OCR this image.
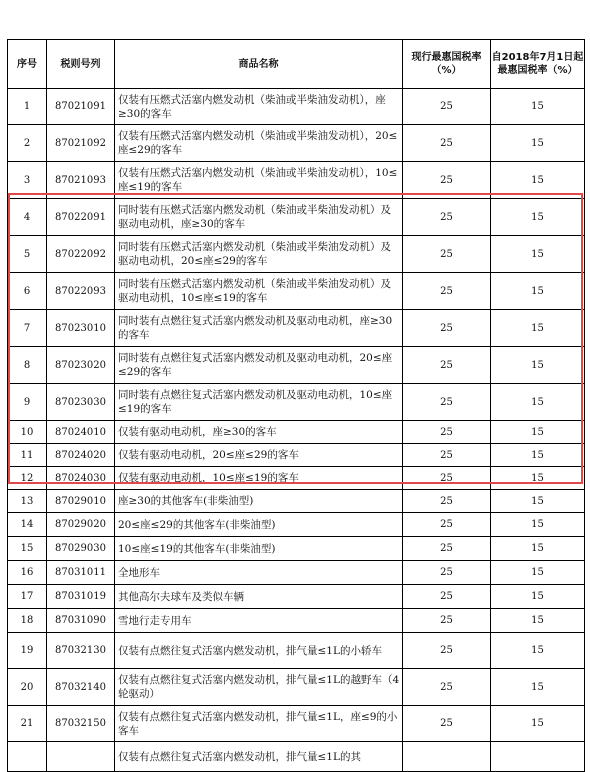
序号	税则号列	商品名称	现行最惠国税率（%）	自2018年7月1日起最惠国税率（%）
1	87021091	仅装有压燃式活塞内燃发动机（柴油或半柴油发动机），座≥30的客车	25	15
2	87021092	仅装有压燃式活塞内燃发动机（柴油或半柴油发动机），20≤座≤29的客车	25	15
3	87021093	仅装有压燃式活塞内燃发动机（柴油或半柴油发动机），10≤座≤19的客车	25	15
4	87022091	同时装有压燃式活塞内燃发动机（柴油或半柴油发动机）及驱动电动机，座≥30的客车	25	15
5	87022092	同时装有压燃式活塞内燃发动机（柴油或半柴油发动机）及驱动电动机，20≤座≤29的客车	25	15
6	87022093	同时装有压燃式活塞内燃发动机（柴油或半柴油发动机）及驱动电动机，10≤座≤19的客车	25	15
7	87023010	同时装有点燃往复式活塞内燃发动机及驱动电动机，座≥30的客车	25	15
8	87023020	同时装有点燃往复式活塞内燃发动机及驱动电动机，20≤座≤29的客车	25	15
9	87023030	同时装有点燃往复式活塞内燃发动机及驱动电动机，10≤座≤19的客车	25	15
10	87024010	仅装有驱动电动机，座≥30的客车	25	15
11	87024020	仅装有驱动电动机，20≤座≤29的客车	25	15
12	87024030	仅装有驱动电动机，10≤座≤19的客车	25	15
13	87029010	座≥30的其他客车(非柴油型)	25	15
14	87029020	20≤座≤29的其他客车(非柴油型)	25	15
15	87029030	10≤座≤19的其他客车(非柴油型)	25	15
16	87031011	全地形车	25	15
17	87031019	其他高尔夫球车及类似车辆	25	15
18	87031090	雪地行走专用车	25	15
19	87032130	仅装有点燃往复式活塞内燃发动机，排气量≤1L的小轿车	25	15
20	87032140	仅装有点燃往复式活塞内燃发动机，排气量≤1L的越野车（4轮驱动）	25	15
21	87032150	仅装有点燃往复式活塞内燃发动机，排气量≤1L，座≤9的小客车	25	15
		仅装有点燃往复式活塞内燃发动机，排气量≤1L的其		
